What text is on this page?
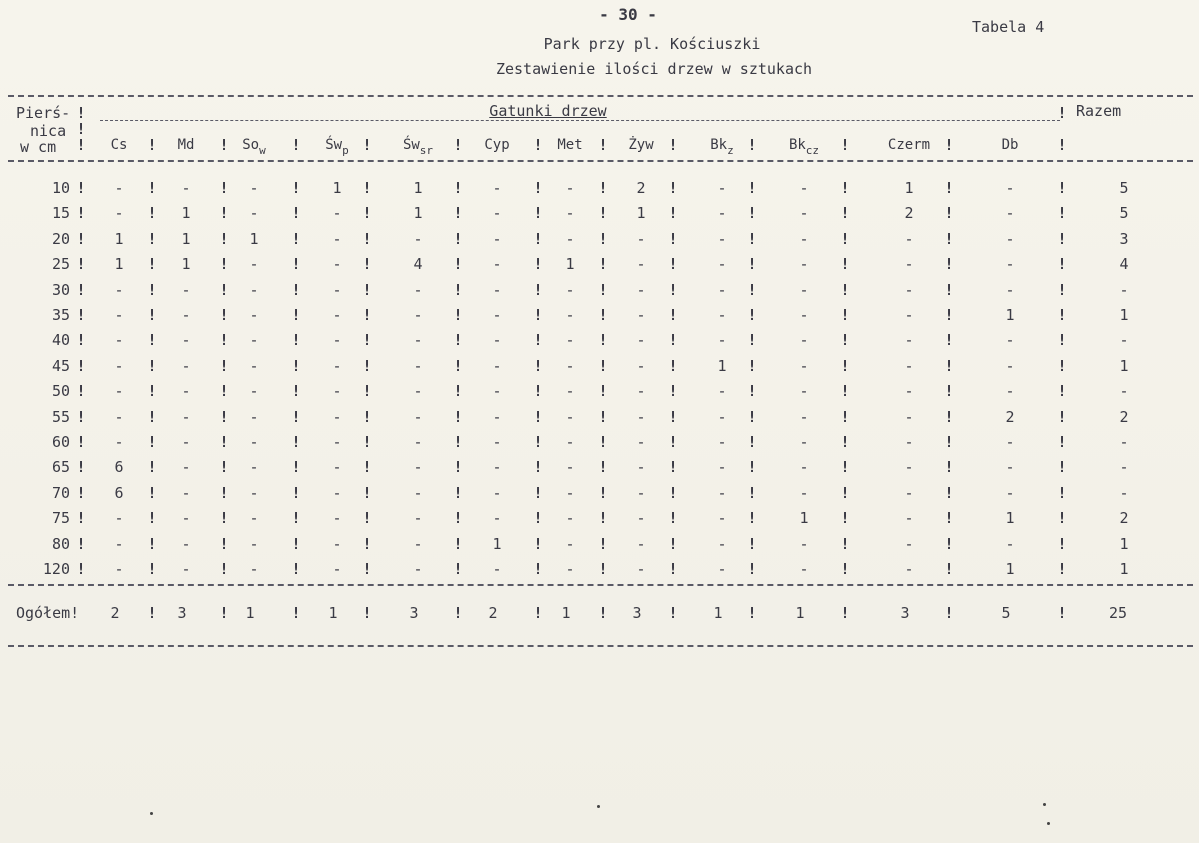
- 30 -
Tabela 4
Park przy pl. Kościuszki
Zestawienie ilości drzew w sztukach
Pierś-
nica
w cm
Gatunki drzew	Razem
Cs	Md	$So_w$	$Św_p$	$Św_{sr}$	Cyp	Met	Żyw	$Bk_z$	$Bk_{cz}$	Czerm	Db
!	!	!	!	!	!	!	!	!	!	!	!	!
!
!
!
10	-	-	-	1	1	-	-	2	-	-	1	-	5
!	!	!	!	!	!	!	!	!	!	!	!	!
15	-	1	-	-	1	-	-	1	-	-	2	-	5
!	!	!	!	!	!	!	!	!	!	!	!	!
20	1	1	1	-	-	-	-	-	-	-	-	-	3
!	!	!	!	!	!	!	!	!	!	!	!	!
25	1	1	-	-	4	-	1	-	-	-	-	-	4
!	!	!	!	!	!	!	!	!	!	!	!	!
30	-	-	-	-	-	-	-	-	-	-	-	-	-
!	!	!	!	!	!	!	!	!	!	!	!	!
35	-	-	-	-	-	-	-	-	-	-	-	1	1
!	!	!	!	!	!	!	!	!	!	!	!	!
40	-	-	-	-	-	-	-	-	-	-	-	-	-
!	!	!	!	!	!	!	!	!	!	!	!	!
45	-	-	-	-	-	-	-	-	1	-	-	-	1
!	!	!	!	!	!	!	!	!	!	!	!	!
50	-	-	-	-	-	-	-	-	-	-	-	-	-
!	!	!	!	!	!	!	!	!	!	!	!	!
55	-	-	-	-	-	-	-	-	-	-	-	2	2
!	!	!	!	!	!	!	!	!	!	!	!	!
60	-	-	-	-	-	-	-	-	-	-	-	-	-
!	!	!	!	!	!	!	!	!	!	!	!	!
65	6	-	-	-	-	-	-	-	-	-	-	-	-
!	!	!	!	!	!	!	!	!	!	!	!	!
70	6	-	-	-	-	-	-	-	-	-	-	-	-
!	!	!	!	!	!	!	!	!	!	!	!	!
75	-	-	-	-	-	-	-	-	-	1	-	1	2
!	!	!	!	!	!	!	!	!	!	!	!	!
80	-	-	-	-	-	1	-	-	-	-	-	-	1
!	!	!	!	!	!	!	!	!	!	!	!	!
120	-	-	-	-	-	-	-	-	-	-	-	1	1
!	!	!	!	!	!	!	!	!	!	!	!	!
Ogółem!	2	3	1	1	3	2	1	3	1	1	3	5	25
!	!	!	!	!	!	!	!	!	!	!	!
